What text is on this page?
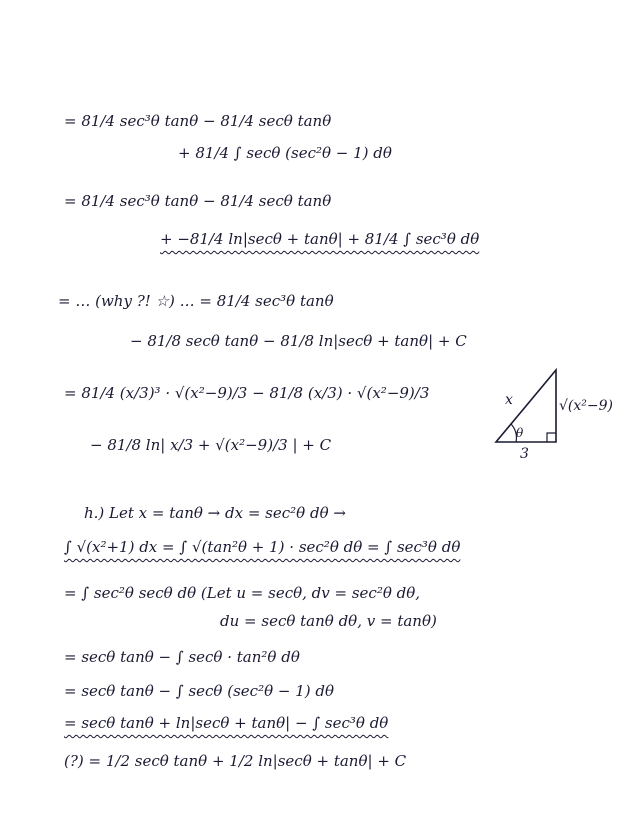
= 81/4 sec³θ tanθ − 81/4 secθ tanθ
+ 81/4 ∫ secθ (sec²θ − 1) dθ
= 81/4 sec³θ tanθ − 81/4 secθ tanθ
+ −81/4 ln|secθ + tanθ| + 81/4 ∫ sec³θ dθ
= … (why ?! ☆) … = 81/4 sec³θ tanθ
− 81/8 secθ tanθ − 81/8 ln|secθ + tanθ| + C
= 81/4 (x/3)³ · √(x²−9)/3 − 81/8 (x/3) · √(x²−9)/3
− 81/8 ln| x/3 + √(x²−9)/3 | + C
x	√(x²−9)
3
θ
h.) Let x = tanθ → dx = sec²θ dθ →
∫ √(x²+1) dx = ∫ √(tan²θ + 1) · sec²θ dθ = ∫ sec³θ dθ
= ∫ sec²θ secθ dθ (Let u = secθ, dv = sec²θ dθ,
du = secθ tanθ dθ, v = tanθ)
= secθ tanθ − ∫ secθ · tan²θ dθ
= secθ tanθ − ∫ secθ (sec²θ − 1) dθ
= secθ tanθ + ln|secθ + tanθ| − ∫ sec³θ dθ
(?) = 1/2 secθ tanθ + 1/2 ln|secθ + tanθ| + C
